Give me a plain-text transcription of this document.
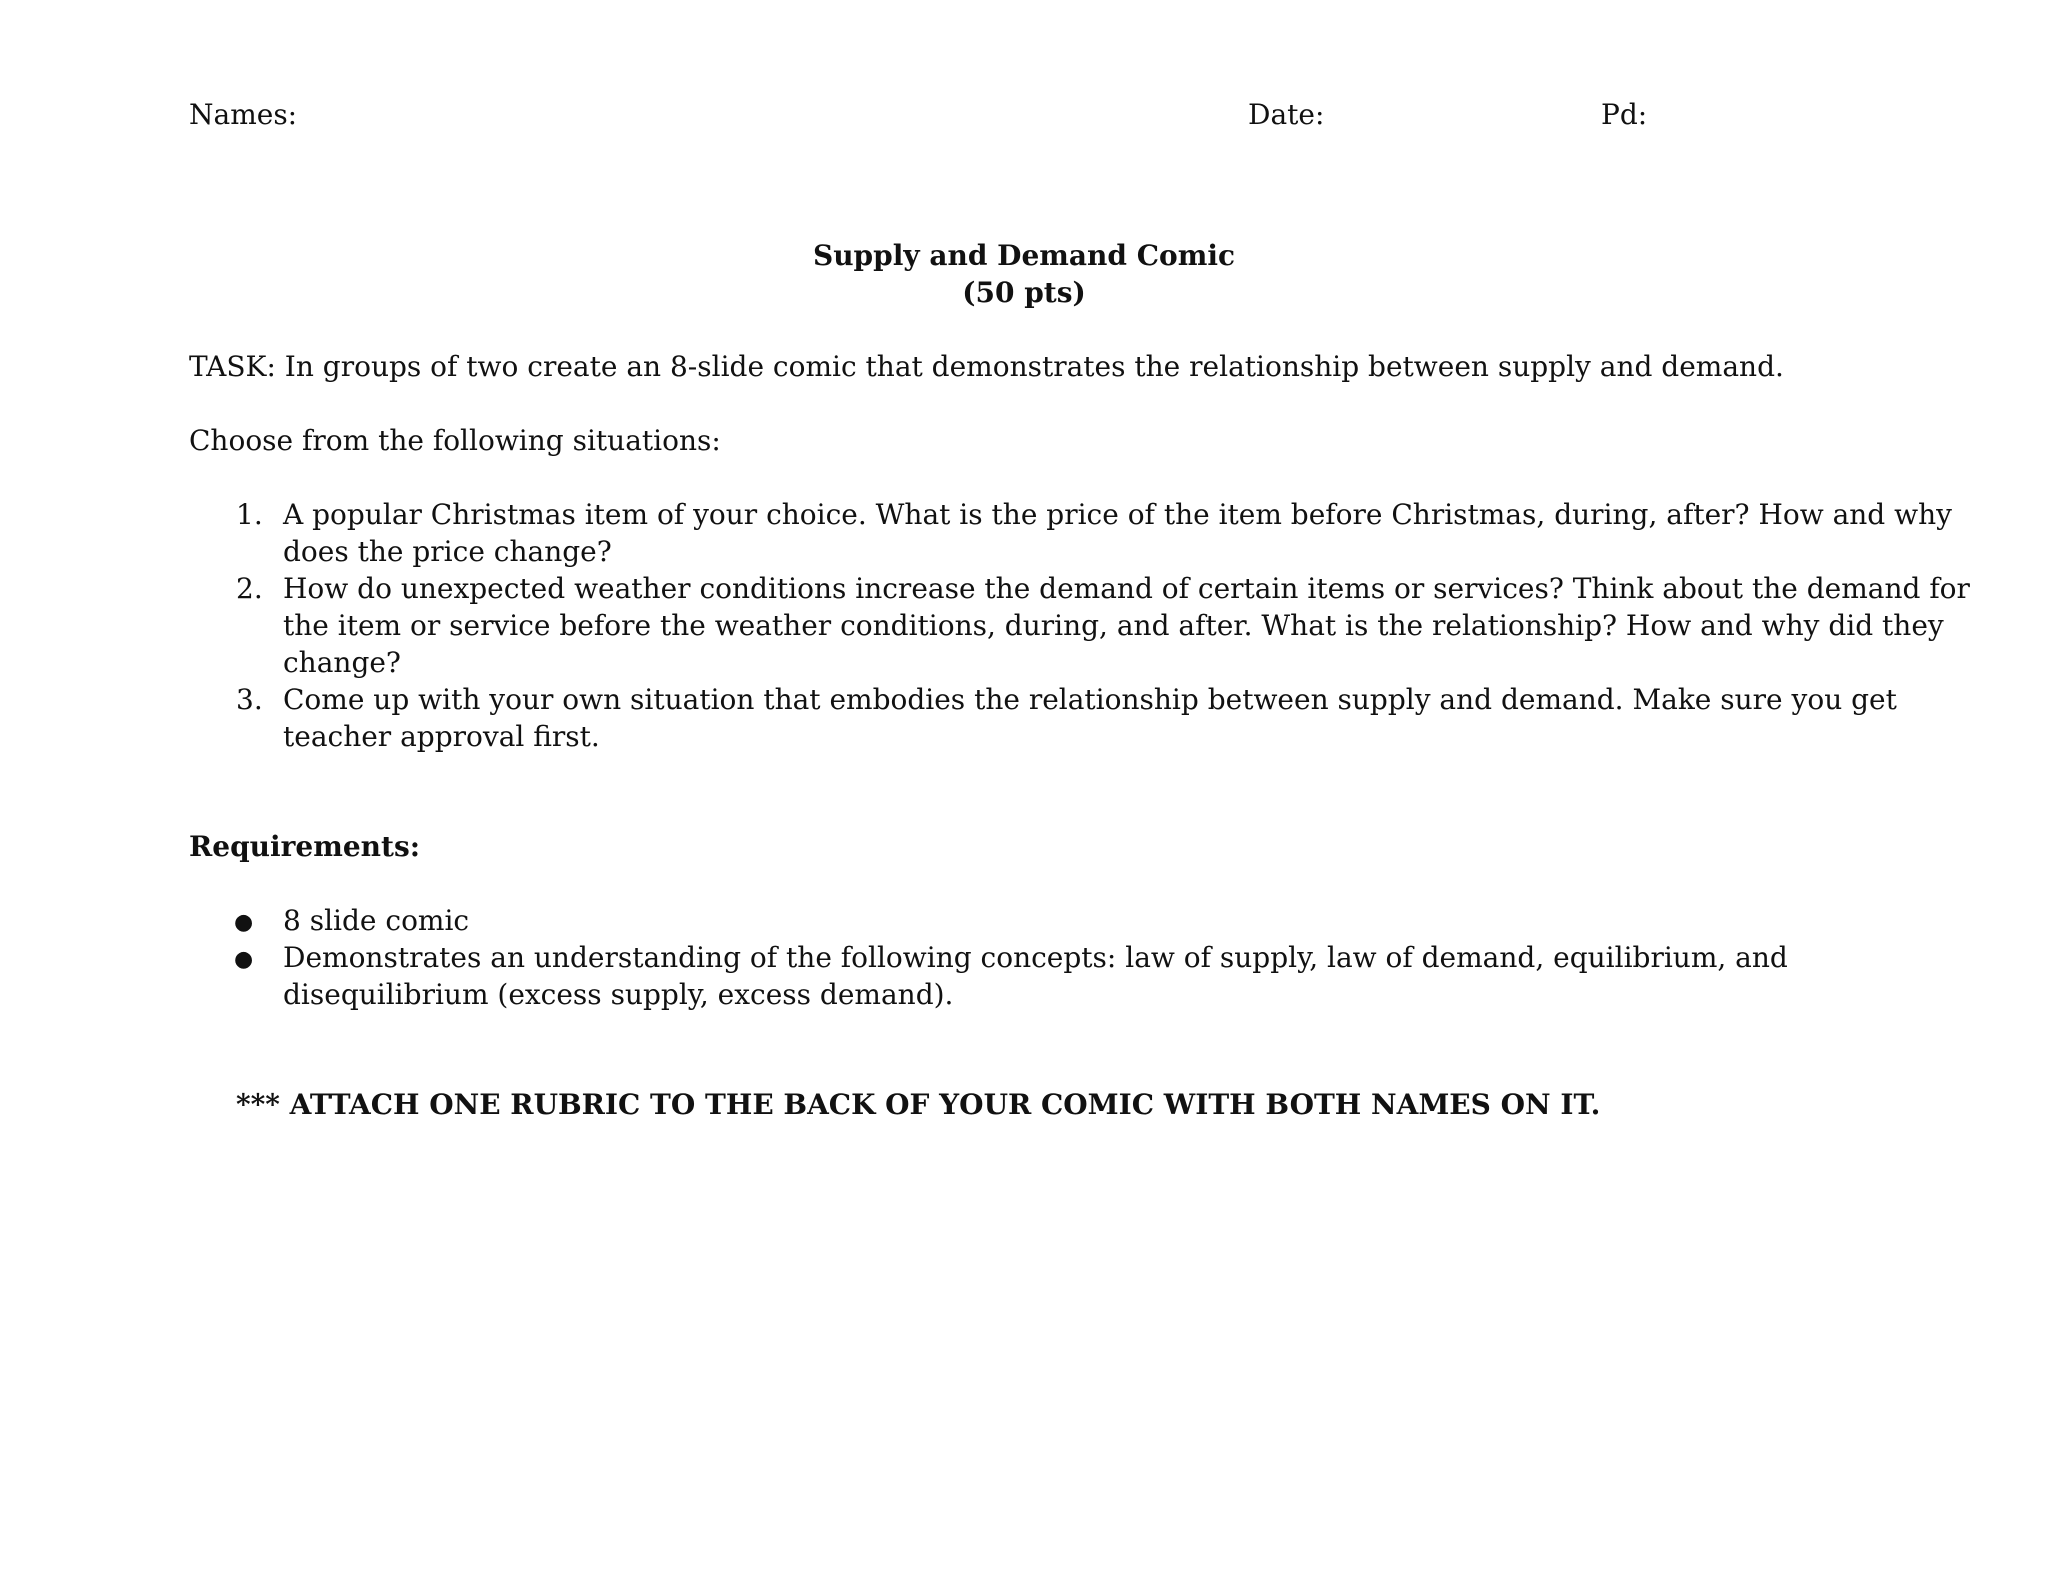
Names:	Date:	Pd:
Supply and Demand Comic
(50 pts)
TASK: In groups of two create an 8-slide comic that demonstrates the relationship between supply and demand.
Choose from the following situations:
1. A popular Christmas item of your choice. What is the price of the item before Christmas, during, after? How and why
does the price change?
2. How do unexpected weather conditions increase the demand of certain items or services? Think about the demand for
the item or service before the weather conditions, during, and after. What is the relationship? How and why did they
change?
3. Come up with your own situation that embodies the relationship between supply and demand. Make sure you get
teacher approval first.
Requirements:
● 8 slide comic
● Demonstrates an understanding of the following concepts: law of supply, law of demand, equilibrium, and
disequilibrium (excess supply, excess demand).
*** ATTACH ONE RUBRIC TO THE BACK OF YOUR COMIC WITH BOTH NAMES ON IT.
